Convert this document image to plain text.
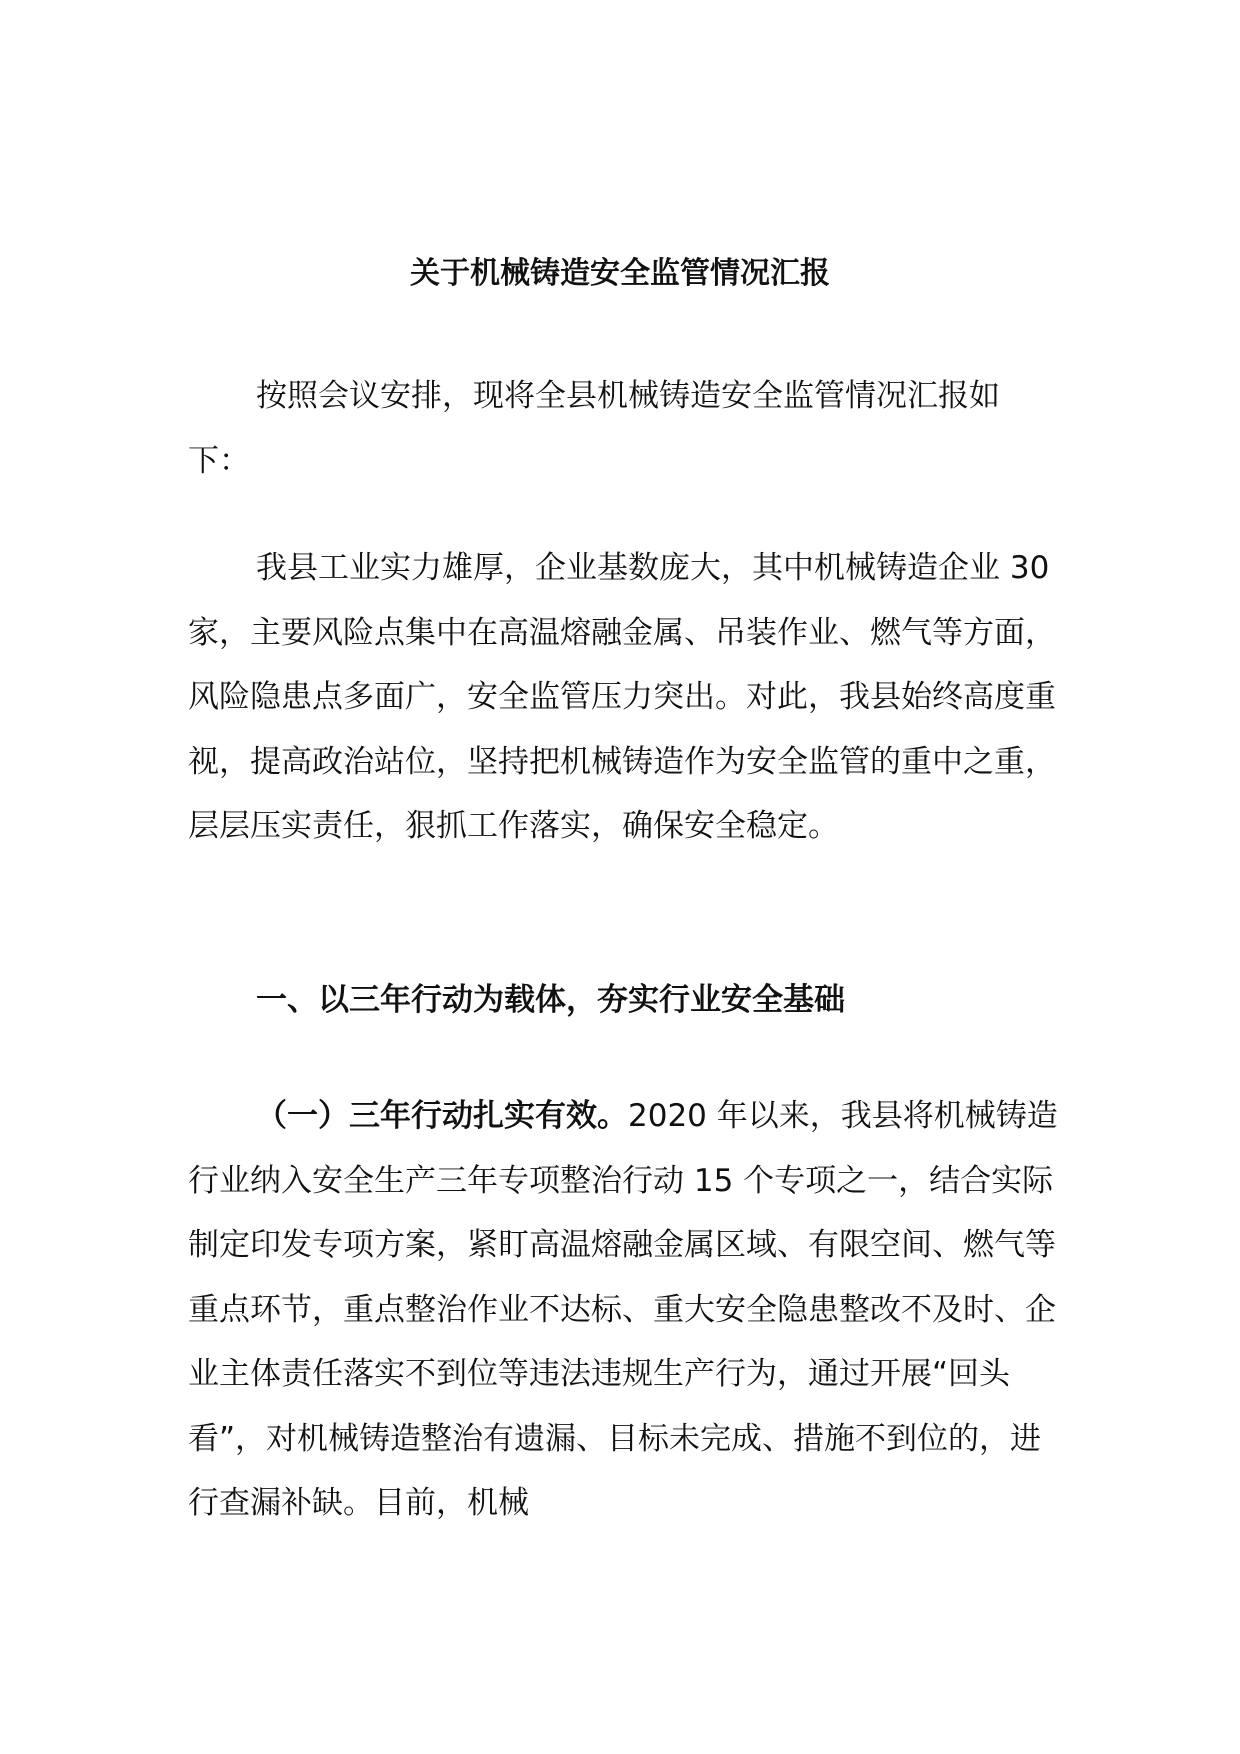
关于机械铸造安全监管情况汇报

按照会议安排，现将全县机械铸造安全监管情况汇报如下：

我县工业实力雄厚，企业基数庞大，其中机械铸造企业 30 家，主要风险点集中在高温熔融金属、吊装作业、燃气等方面，风险隐患点多面广，安全监管压力突出。对此，我县始终高度重视，提高政治站位，坚持把机械铸造作为安全监管的重中之重，层层压实责任，狠抓工作落实，确保安全稳定。

一、以三年行动为载体，夯实行业安全基础

（一）三年行动扎实有效。2020 年以来，我县将机械铸造行业纳入安全生产三年专项整治行动 15 个专项之一，结合实际制定印发专项方案，紧盯高温熔融金属区域、有限空间、燃气等重点环节，重点整治作业不达标、重大安全隐患整改不及时、企业主体责任落实不到位等违法违规生产行为，通过开展“回头看”，对机械铸造整治有遗漏、目标未完成、措施不到位的，进行查漏补缺。目前，机械
